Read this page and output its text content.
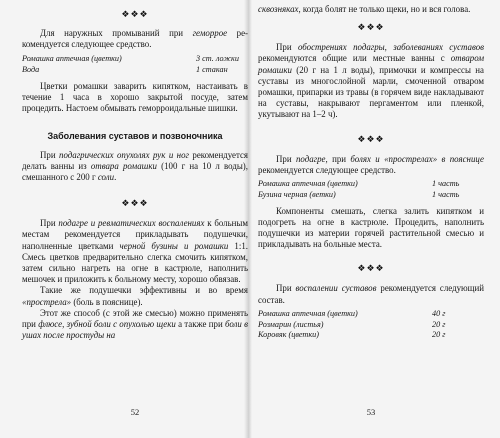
❖❖❖

Для наружных промываний при геморрое ре-комендуется следующее средство.

Ромашка аптечная (цветки)	3 ст. ложки
Вода	1 стакан

Цветки ромашки заварить кипятком, настаивать в течение 1 часа в хорошо закрытой посуде, затем процедить. Настоем обмывать геморроидальные шишки.

Заболевания суставов и позвоночника

При подагрических опухолях рук и ног рекомендуется делать ванны из отвара ромашки (100 г на 10 л воды), смешанного с 200 г соли.

❖❖❖

При подагре и ревматических воспалениях к больным местам рекомендуется прикладывать подушечки, наполненные цветками черной бузины и ромашки 1:1. Смесь цветков предварительно слегка смочить кипятком, затем сильно нагреть на огне в кастрюле, наполнить мешочек и приложить к больному месту, хорошо обвязав.

Такие же подушечки эффективны и во время «прострела» (боль в пояснице).

Этот же способ (с этой же смесью) можно применять при флюсе, зубной боли с опухолью щеки а также при боли в ушах после простуды на

52

сквозняках, когда болят не только щеки, но и вся голова.

❖❖❖

При обострениях подагры, заболеваниях суставов рекомендуются общие или местные ванны с отваром ромашки (20 г на 1 л воды), примочки и компрессы на суставы из многослойной марли, смоченной отваром ромашки, припарки из травы (в горячем виде накладывают на суставы, накрывают пергаментом или пленкой, укутывают на 1–2 ч).

❖❖❖

При подагре, при болях и «прострелах» в пояснице рекомендуется следующее средство.

Ромашка аптечная (цветки)	1 часть
Бузина черная (ветки)	1 часть

Компоненты смешать, слегка залить кипятком и подогреть на огне в кастрюле. Процедить, наполнить подушечки из материи горячей растительной смесью и прикладывать на больные места.

❖❖❖

При воспалении суставов рекомендуется следующий состав.

Ромашка аптечная (цветки)	40 г
Розмарин (листья)	20 г
Коровяк (цветки)	20 г
53
